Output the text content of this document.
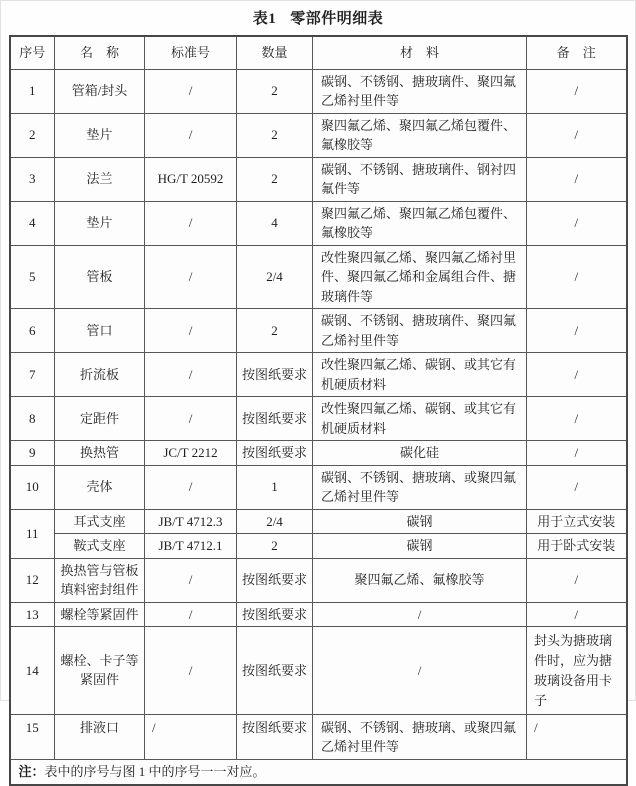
表1 零部件明细表
序号	名　称	标准号	数量	材　料	备　注
1	管箱/封头	/	2	碳钢、不锈钢、搪玻璃件、聚四氟乙烯衬里件等	/
2	垫片	/	2	聚四氟乙烯、聚四氟乙烯包覆件、氟橡胶等	/
3	法兰	HG/T 20592	2	碳钢、不锈钢、搪玻璃件、钢衬四氟件等	/
4	垫片	/	4	聚四氟乙烯、聚四氟乙烯包覆件、氟橡胶等	/
5	管板	/	2/4	改性聚四氟乙烯、聚四氟乙烯衬里件、聚四氟乙烯和金属组合件、搪玻璃件等	/
6	管口	/	2	碳钢、不锈钢、搪玻璃件、聚四氟乙烯衬里件等	/
7	折流板	/	按图纸要求	改性聚四氟乙烯、碳钢、或其它有机硬质材料	/
8	定距件	/	按图纸要求	改性聚四氟乙烯、碳钢、或其它有机硬质材料	/
9	换热管	JC/T 2212	按图纸要求	碳化硅	/
10	壳体	/	1	碳钢、不锈钢、搪玻璃、或聚四氟乙烯衬里件等	/
11	耳式支座	JB/T 4712.3	2/4	碳钢	用于立式安装
	鞍式支座	JB/T 4712.1	2	碳钢	用于卧式安装
12	换热管与管板填料密封组件	/	按图纸要求	聚四氟乙烯、氟橡胶等	/
13	螺栓等紧固件	/	按图纸要求	/	/
14	螺栓、卡子等紧固件	/	按图纸要求	/	封头为搪玻璃件时，应为搪玻璃设备用卡子
15	排液口	/	按图纸要求	碳钢、不锈钢、搪玻璃、或聚四氟乙烯衬里件等	/
注：表中的序号与图 1 中的序号一一对应。					
